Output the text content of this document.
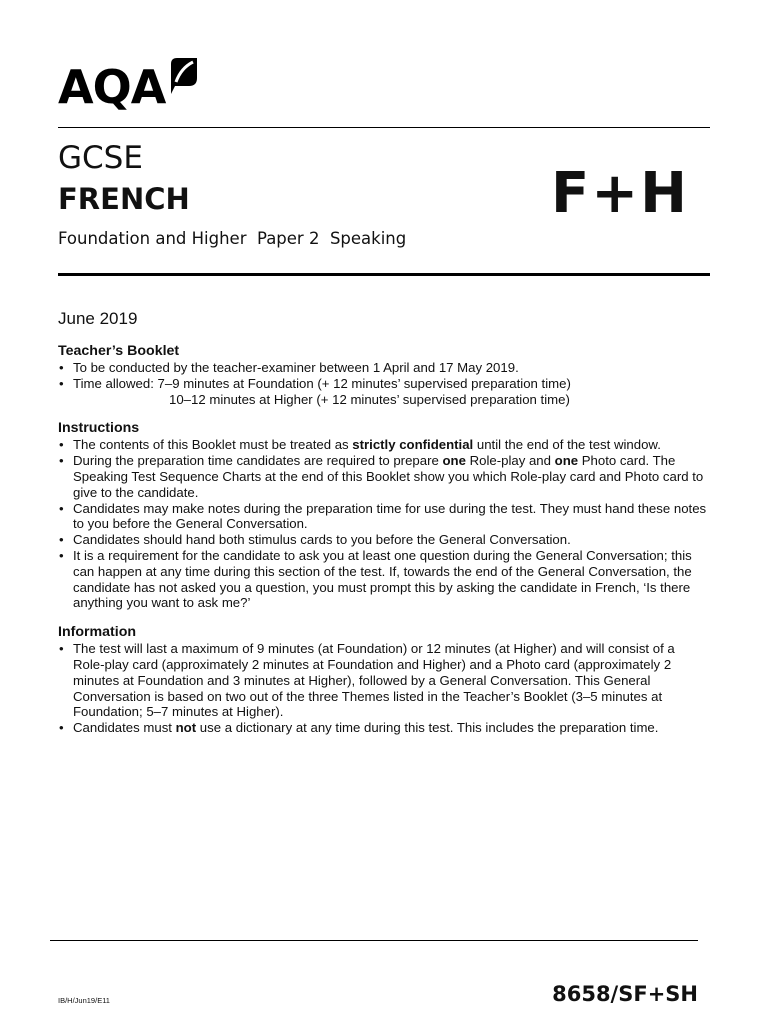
AQA
GCSE
FRENCH
Foundation and Higher  Paper 2  Speaking
F+H
June 2019

Teacher’s Booklet

• To be conducted by the teacher-examiner between 1 April and 17 May 2019.
• Time allowed: 7–9 minutes at Foundation (+ 12 minutes’ supervised preparation time)
10–12 minutes at Higher (+ 12 minutes’ supervised preparation time)

Instructions

• The contents of this Booklet must be treated as strictly confidential until the end of the test window.
• During the preparation time candidates are required to prepare one Role-play and one Photo card. The Speaking Test Sequence Charts at the end of this Booklet show you which Role-play card and Photo card to give to the candidate.
• Candidates may make notes during the preparation time for use during the test. They must hand these notes to you before the General Conversation.
• Candidates should hand both stimulus cards to you before the General Conversation.
• It is a requirement for the candidate to ask you at least one question during the General Conversation; this can happen at any time during this section of the test. If, towards the end of the General Conversation, the candidate has not asked you a question, you must prompt this by asking the candidate in French, ‘Is there anything you want to ask me?’

Information

• The test will last a maximum of 9 minutes (at Foundation) or 12 minutes (at Higher) and will consist of a Role-play card (approximately 2 minutes at Foundation and Higher) and a Photo card (approximately 2 minutes at Foundation and 3 minutes at Higher), followed by a General Conversation. This General Conversation is based on two out of the three Themes listed in the Teacher’s Booklet (3–5 minutes at Foundation; 5–7 minutes at Higher).
• Candidates must not use a dictionary at any time during this test. This includes the preparation time.
IB/H/Jun19/E11	8658/SF+SH
